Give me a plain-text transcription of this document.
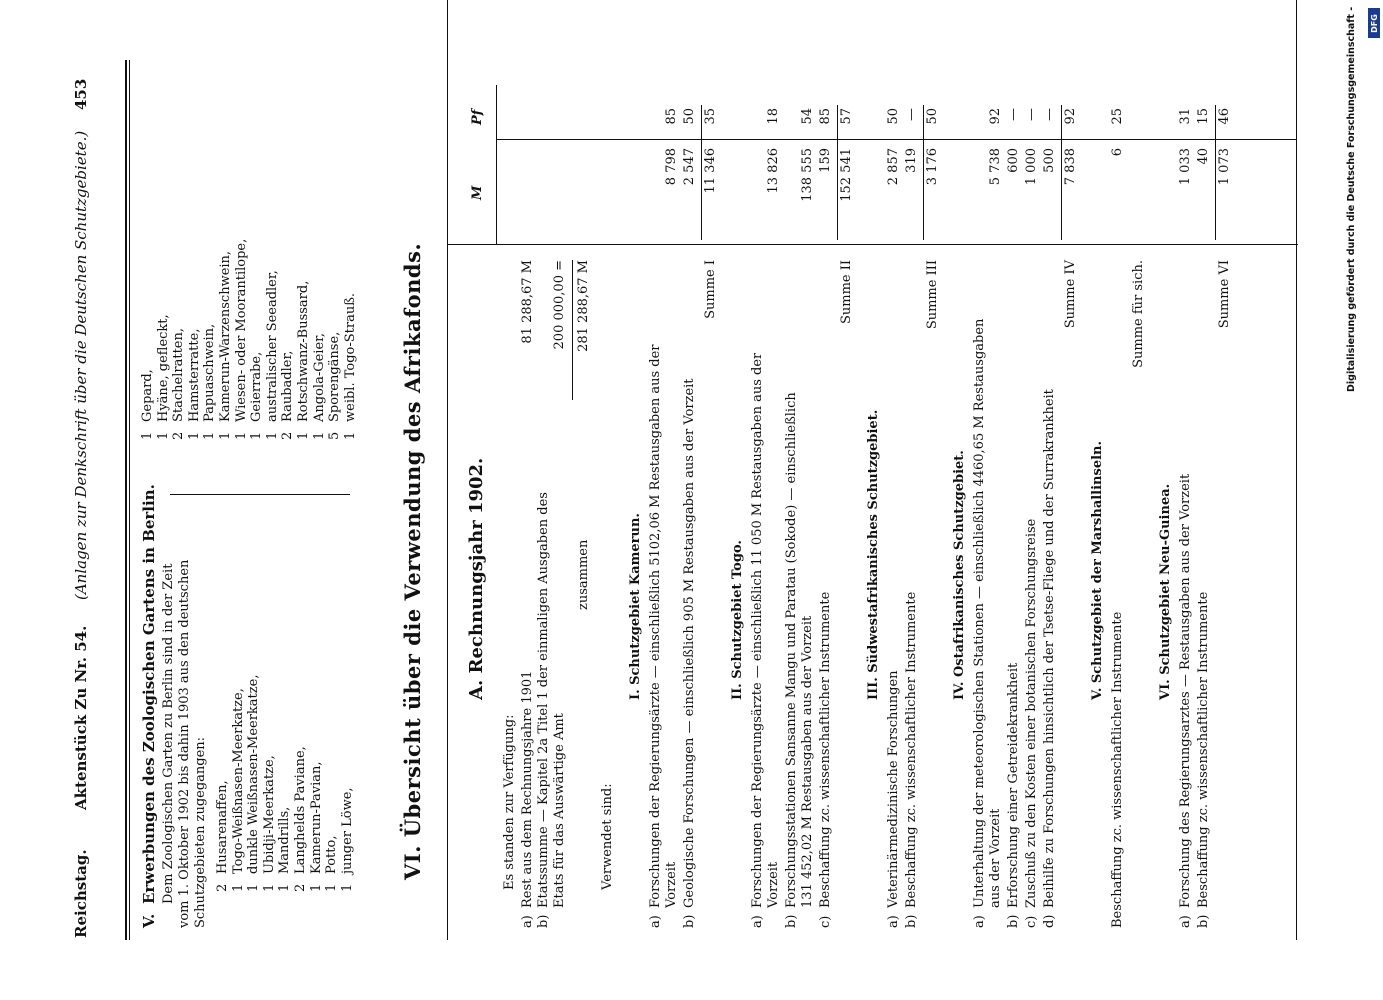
Reichstag.
Aktenstück Zu Nr. 54.
(Anlagen zur Denkschrift über die Deutschen Schutzgebiete.)
453
V.
Erwerbungen des Zoologischen Gartens in Berlin. Dem Zoologischen Garten zu Berlin sind in der Zeit vom 1. Oktober 1902 bis dahin 1903 aus den deutschen Schutzgebieten zugegangen: 2
Husarenaffen,
1
Togo-Weißnasen-Meerkatze,
1
dunkle Weißnasen-Meerkatze,
1
Ubidji-Meerkatze,
1
Mandrills,
2
Langhelds Paviane,
1
Kamerun-Pavian,
1
Potto,
1
junger Löwe,
1
Gepard,
1
Hyäne, gefleckt,
2
Stachelratten,
1
Hamsterratte,
1
Papuaschwein,
1
Kamerun-Warzenschwein,
1
Wiesen- oder Moorantilope,
1
Geierrabe,
1
australischer Seeadler,
2
Raubadler,
1
Rotschwanz-Bussard,
1
Angola-Geier,
5
Sporengänse,
1
weibl. Togo-Strauß. VI. Übersicht über die Verwendung des Afrikafonds. A. Rechnungsjahr 1902.
M
Pf
Es standen zur Verfügung:
a)
Rest aus dem Rechnungsjahre 1901
81 288,67 M
b)
Etatssumme — Kapitel 2a Titel 1 der einmaligen Ausgaben des Etats für das Auswärtige Amt
200 000,00 =
zusammen
281 288,67 M
Verwendet sind:
I. Schutzgebiet Kamerun.
a)
Forschungen der Regierungsärzte — einschließlich 5102,06 M Restausgaben aus der Vorzeit
8 798
85
b)
Geologische Forschungen — einschließlich 905 M Restausgaben aus der Vorzeit
2 547
50
Summe I
11 346
35
II. Schutzgebiet Togo.
a)
Forschungen der Regierungsärzte — einschließlich 11 050 M Restausgaben aus der Vorzeit
13 826
18
b)
Forschungsstationen Sansanne Mangu und Paratau (Sokode) — einschließlich 131 452,02 M Restausgaben aus der Vorzeit
138 555
54
c)
Beschaffung zc. wissenschaftlicher Instrumente
159
85
Summe II
152 541
57
III. Südwestafrikanisches Schutzgebiet.
a)
Veterinärmedizinische Forschungen
2 857
50
b)
Beschaffung zc. wissenschaftlicher Instrumente
319
—
Summe III
3 176
50
IV. Ostafrikanisches Schutzgebiet.
a)
Unterhaltung der meteorologischen Stationen — einschließlich 4460,65 M Restausgaben aus der Vorzeit
5 738
92
b)
Erforschung einer Getreidekrankheit
600
—
c)
Zuschuß zu den Kosten einer botanischen Forschungsreise
1 000
—
d)
Beihilfe zu Forschungen hinsichtlich der Tsetse-Fliege und der Surrakrankheit
500
—
Summe IV
7 838
92
V. Schutzgebiet der Marshallinseln.
Beschaffung zc. wissenschaftlicher Instrumente
6
25
Summe für sich.
VI. Schutzgebiet Neu-Guinea.
a)
Forschung des Regierungsarztes — Restausgaben aus der Vorzeit
1 033
31
b)
Beschaffung zc. wissenschaftlicher Instrumente
40
15
Summe VI
1 073
46
DFG
Digitalisierung gefördert durch die Deutsche Forschungsgemeinschaft -
